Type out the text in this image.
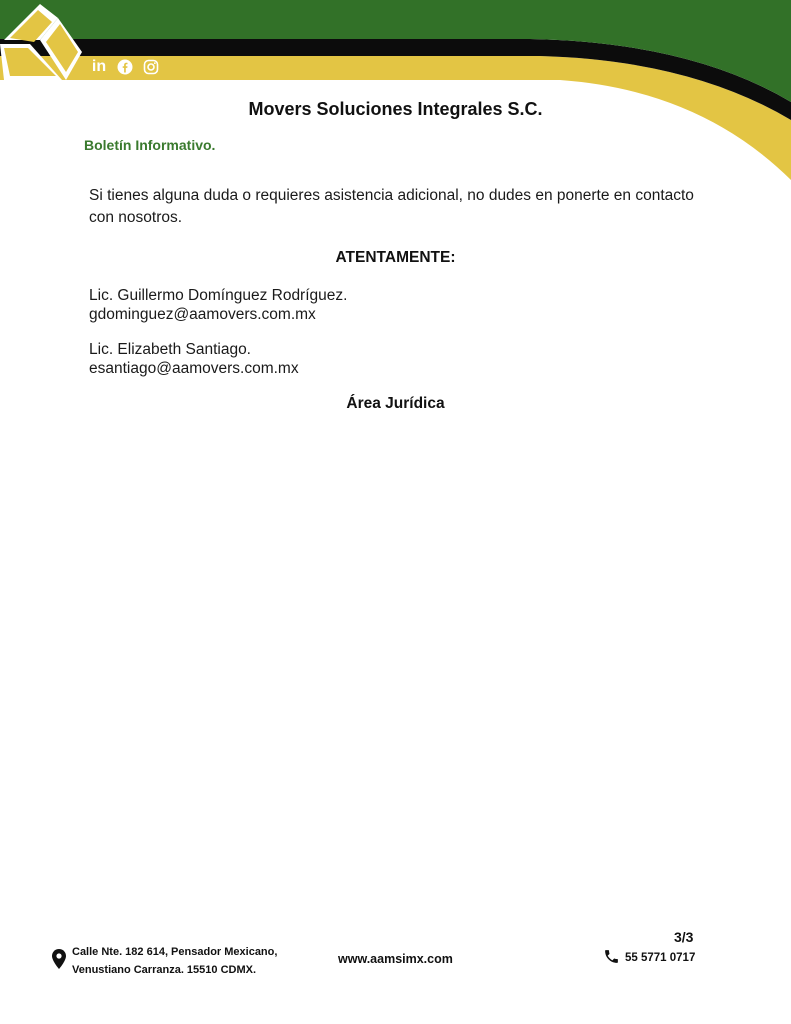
in
Movers Soluciones Integrales S.C.
Boletín Informativo.
Si tienes alguna duda o requieres asistencia adicional, no dudes en ponerte en contacto con nosotros.
ATENTAMENTE:
Lic. Guillermo Domínguez Rodríguez.
gdominguez@aamovers.com.mx
Lic. Elizabeth Santiago.
esantiago@aamovers.com.mx
Área Jurídica
3/3
Calle Nte. 182 614, Pensador Mexicano,
Venustiano Carranza. 15510 CDMX.
www.aamsimx.com	55 5771 0717
